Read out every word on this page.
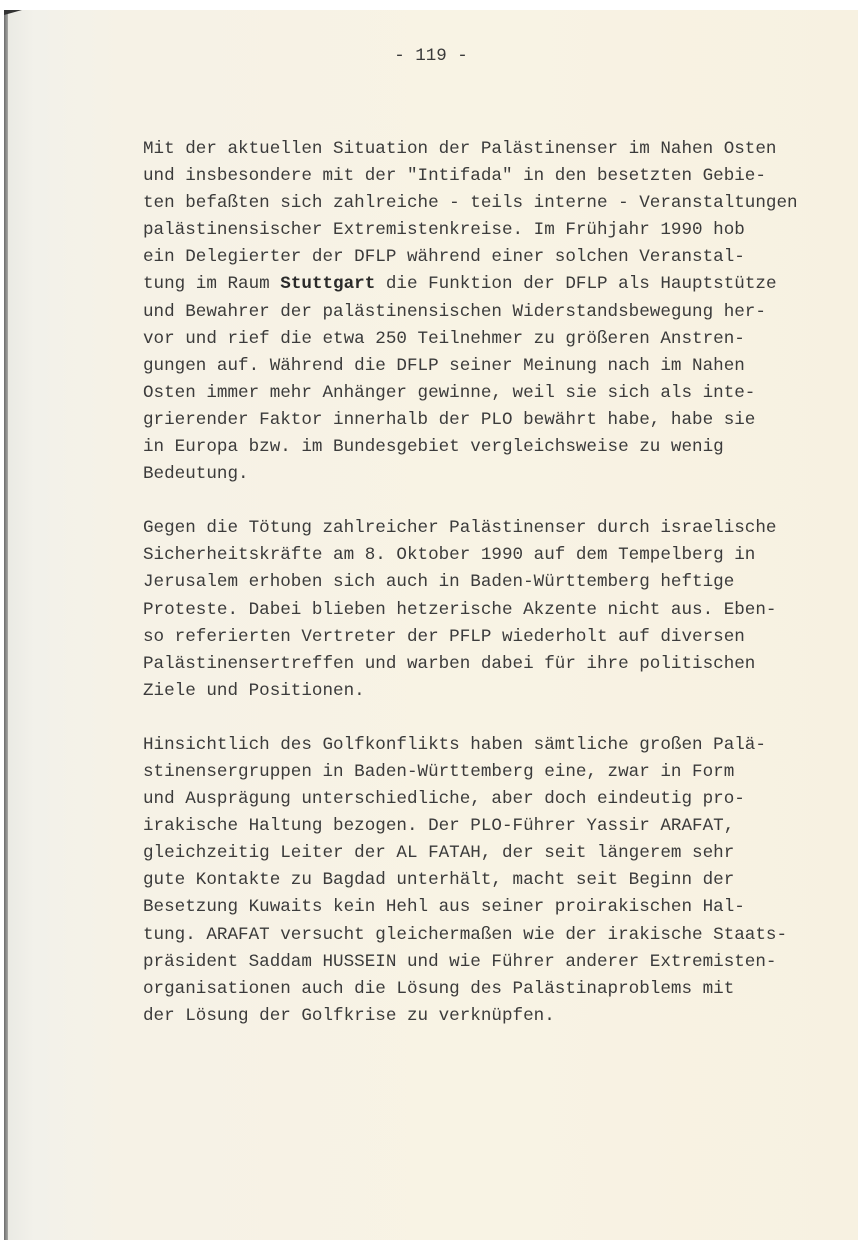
- 119 -
Mit der aktuellen Situation der Palästinenser im Nahen Osten
und insbesondere mit der "Intifada" in den besetzten Gebie-
ten befaßten sich zahlreiche - teils interne - Veranstaltungen
palästinensischer Extremistenkreise. Im Frühjahr 1990 hob
ein Delegierter der DFLP während einer solchen Veranstal-
tung im Raum Stuttgart die Funktion der DFLP als Hauptstütze
und Bewahrer der palästinensischen Widerstandsbewegung her-
vor und rief die etwa 250 Teilnehmer zu größeren Anstren-
gungen auf. Während die DFLP seiner Meinung nach im Nahen
Osten immer mehr Anhänger gewinne, weil sie sich als inte-
grierender Faktor innerhalb der PLO bewährt habe, habe sie
in Europa bzw. im Bundesgebiet vergleichsweise zu wenig
Bedeutung.
Gegen die Tötung zahlreicher Palästinenser durch israelische
Sicherheitskräfte am 8. Oktober 1990 auf dem Tempelberg in
Jerusalem erhoben sich auch in Baden-Württemberg heftige
Proteste. Dabei blieben hetzerische Akzente nicht aus. Eben-
so referierten Vertreter der PFLP wiederholt auf diversen
Palästinensertreffen und warben dabei für ihre politischen
Ziele und Positionen.
Hinsichtlich des Golfkonflikts haben sämtliche großen Palä-
stinensergruppen in Baden-Württemberg eine, zwar in Form
und Ausprägung unterschiedliche, aber doch eindeutig pro-
irakische Haltung bezogen. Der PLO-Führer Yassir ARAFAT,
gleichzeitig Leiter der AL FATAH, der seit längerem sehr
gute Kontakte zu Bagdad unterhält, macht seit Beginn der
Besetzung Kuwaits kein Hehl aus seiner proirakischen Hal-
tung. ARAFAT versucht gleichermaßen wie der irakische Staats-
präsident Saddam HUSSEIN und wie Führer anderer Extremisten-
organisationen auch die Lösung des Palästinaproblems mit
der Lösung der Golfkrise zu verknüpfen.
